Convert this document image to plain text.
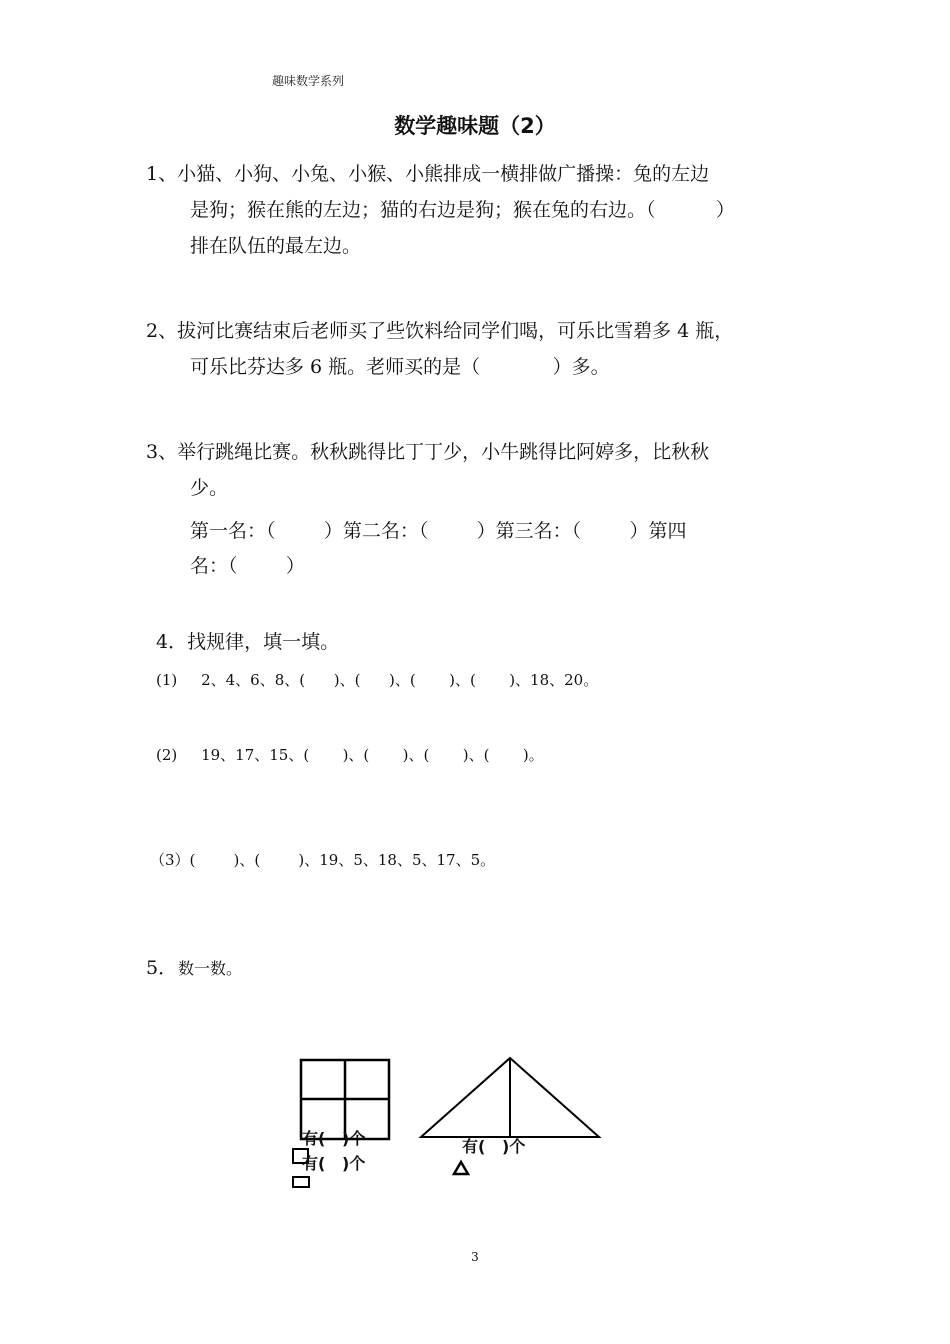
趣味数学系列
数学趣味题（2）
1、小猫、小狗、小兔、小猴、小熊排成一横排做广播操：兔的左边
是狗；猴在熊的左边；猫的右边是狗；猴在兔的右边。（          ）
排在队伍的最左边。
2、拔河比赛结束后老师买了些饮料给同学们喝，可乐比雪碧多 4 瓶，
可乐比芬达多 6 瓶。老师买的是（            ）多。
3、举行跳绳比赛。秋秋跳得比丁丁少，小牛跳得比阿婷多，比秋秋
少。
第一名：（        ）第二名：（        ）第三名：（        ）第四
名：（        ）
4．找规律，填一填。
(1)     2、4、6、8、(      )、(      )、(       )、(       )、18、20。
(2)     19、17、15、(       )、(       )、(       )、(       )。
（3）(        )、(        )、19、5、18、5、17、5。
5． 数一数。

有(   )个

有(   )个

有(   )个

3
